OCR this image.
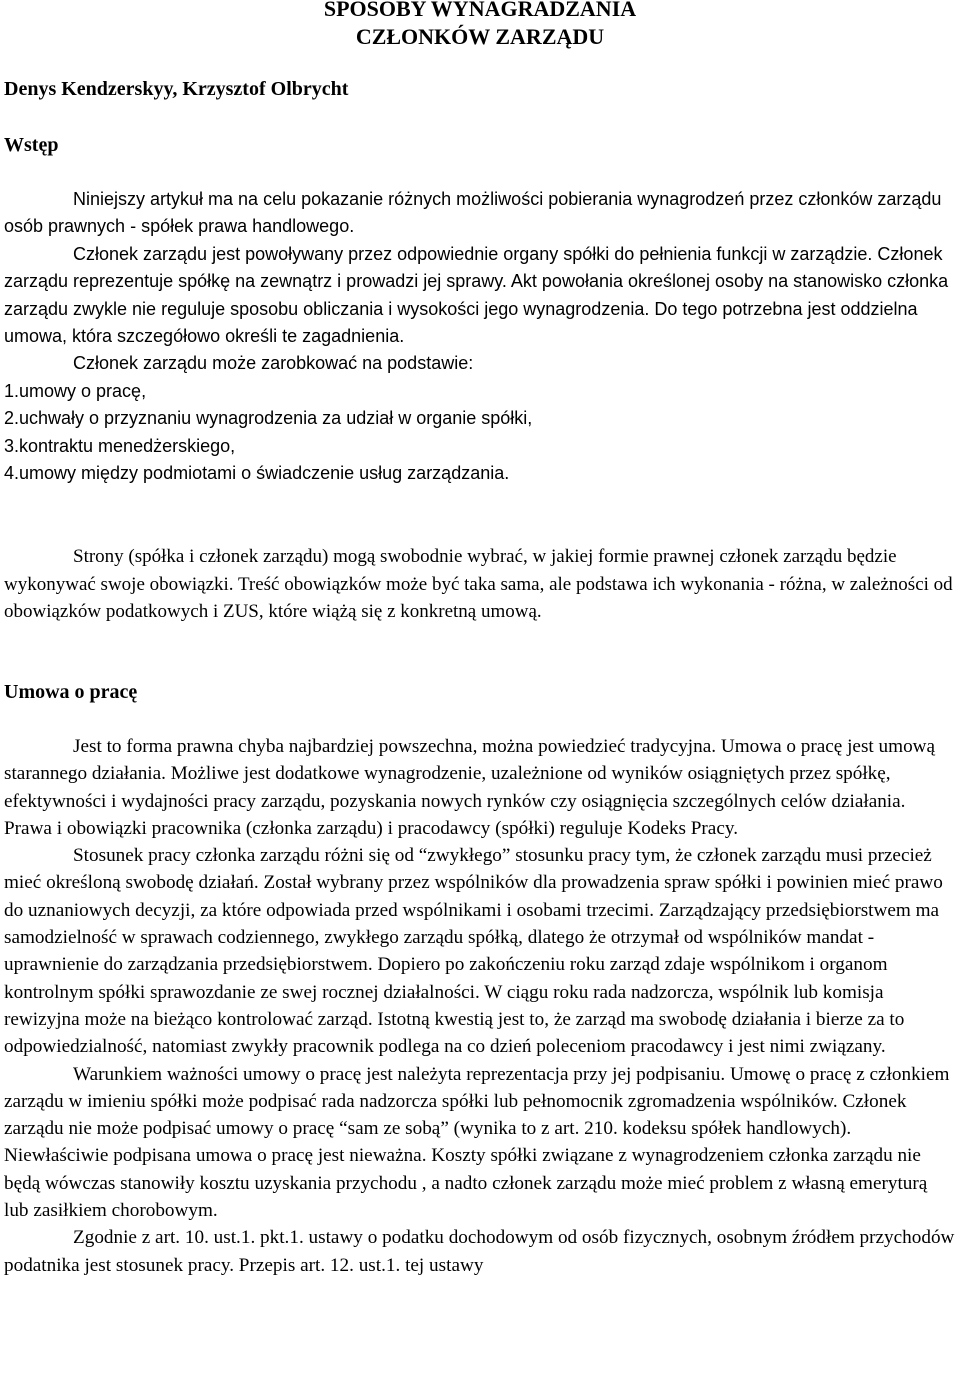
SPOSOBY WYNAGRADZANIA
CZŁONKÓW ZARZĄDU

Denys Kendzerskyy, Krzysztof Olbrycht

Wstęp

Niniejszy artykuł ma na celu pokazanie różnych możliwości pobierania wynagrodzeń przez członków zarządu osób prawnych - spółek prawa handlowego.

Członek zarządu jest powoływany przez odpowiednie organy spółki do pełnienia funkcji w zarządzie. Członek zarządu reprezentuje spółkę na zewnątrz i prowadzi jej sprawy. Akt powołania określonej osoby na stanowisko członka zarządu zwykle nie reguluje sposobu obliczania i wysokości jego wynagrodzenia. Do tego potrzebna jest oddzielna umowa, która szczegółowo określi te zagadnienia.

Członek zarządu może zarobkować na podstawie:

1.umowy o pracę,

2.uchwały o przyznaniu wynagrodzenia za udział w organie spółki,

3.kontraktu menedżerskiego,

4.umowy między podmiotami o świadczenie usług zarządzania.

Strony (spółka i członek zarządu) mogą swobodnie wybrać, w jakiej formie prawnej członek zarządu będzie wykonywać swoje obowiązki. Treść obowiązków może być taka sama, ale podstawa ich wykonania - różna, w zależności od obowiązków podatkowych i ZUS, które wiążą się z konkretną umową.

Umowa o pracę

Jest to forma prawna chyba najbardziej powszechna, można powiedzieć tradycyjna. Umowa o pracę jest umową starannego działania. Możliwe jest dodatkowe wynagrodzenie, uzależnione od wyników osiągniętych przez spółkę, efektywności i wydajności pracy zarządu, pozyskania nowych rynków czy osiągnięcia szczególnych celów działania. Prawa i obowiązki pracownika (członka zarządu) i pracodawcy (spółki) reguluje Kodeks Pracy.

Stosunek pracy członka zarządu różni się od “zwykłego” stosunku pracy tym, że członek zarządu musi przecież mieć określoną swobodę działań. Został wybrany przez wspólników dla prowadzenia spraw spółki i powinien mieć prawo do uznaniowych decyzji, za które odpowiada przed wspólnikami i osobami trzecimi. Zarządzający przedsiębiorstwem ma samodzielność w sprawach codziennego, zwykłego zarządu spółką, dlatego że otrzymał od wspólników mandat - uprawnienie do zarządzania przedsiębiorstwem. Dopiero po zakończeniu roku zarząd zdaje wspólnikom i organom kontrolnym spółki sprawozdanie ze swej rocznej działalności. W ciągu roku rada nadzorcza, wspólnik lub komisja rewizyjna może na bieżąco kontrolować zarząd. Istotną kwestią jest to, że zarząd ma swobodę działania i bierze za to odpowiedzialność, natomiast zwykły pracownik podlega na co dzień poleceniom pracodawcy i jest nimi związany.

Warunkiem ważności umowy o pracę jest należyta reprezentacja przy jej podpisaniu. Umowę o pracę z członkiem zarządu w imieniu spółki może podpisać rada nadzorcza spółki lub pełnomocnik zgromadzenia wspólników. Członek zarządu nie może podpisać umowy o pracę “sam ze sobą” (wynika to z art. 210. kodeksu spółek handlowych). Niewłaściwie podpisana umowa o pracę jest nieważna. Koszty spółki związane z wynagrodzeniem członka zarządu nie będą wówczas stanowiły kosztu uzyskania przychodu , a nadto członek zarządu może mieć problem z własną emeryturą lub zasiłkiem chorobowym.

Zgodnie z art. 10. ust.1. pkt.1. ustawy o podatku dochodowym od osób fizycznych, osobnym źródłem przychodów podatnika jest stosunek pracy. Przepis art. 12. ust.1. tej ustawy
